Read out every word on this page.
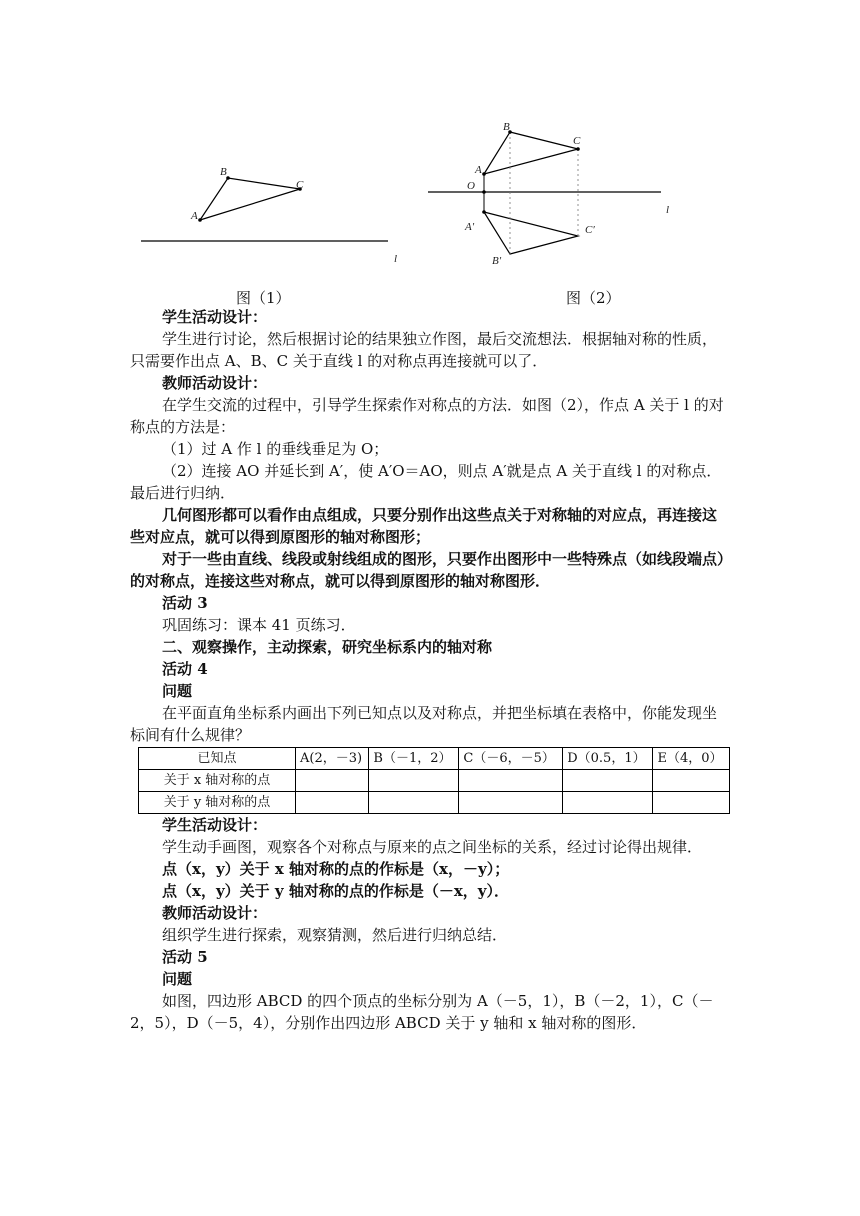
A
B
C
l
A
B
C
O
A′
B′
C′
l
图（1）	图（2）

学生活动设计：

学生进行讨论，然后根据讨论的结果独立作图，最后交流想法．根据轴对称的性质，只需要作出点 A、B、C 关于直线 l 的对称点再连接就可以了．

教师活动设计：

在学生交流的过程中，引导学生探索作对称点的方法．如图（2），作点 A 关于 l 的对称点的方法是：

（1）过 A 作 l 的垂线垂足为 O；

（2）连接 AO 并延长到 A′，使 A′O＝AO，则点 A′就是点 A 关于直线 l 的对称点．最后进行归纳．

几何图形都可以看作由点组成，只要分别作出这些点关于对称轴的对应点，再连接这些对应点，就可以得到原图形的轴对称图形；

对于一些由直线、线段或射线组成的图形，只要作出图形中一些特殊点（如线段端点）的对称点，连接这些对称点，就可以得到原图形的轴对称图形．

活动 3

巩固练习：课本 41 页练习．

二、观察操作，主动探索，研究坐标系内的轴对称

活动 4

问题

在平面直角坐标系内画出下列已知点以及对称点，并把坐标填在表格中，你能发现坐标间有什么规律？

已知点	A(2，－3)	B（－1，2）	C（－6，－5）	D（0.5，1）	E（4，0）
关于 x 轴对称的点					
关于 y 轴对称的点					

学生活动设计：

学生动手画图，观察各个对称点与原来的点之间坐标的关系，经过讨论得出规律．

点（x，y）关于 x 轴对称的点的作标是（x，－y）；

点（x，y）关于 y 轴对称的点的作标是（－x，y）．

教师活动设计：

组织学生进行探索，观察猜测，然后进行归纳总结．

活动 5

问题

如图，四边形 ABCD 的四个顶点的坐标分别为 A（－5，1），B（－2，1），C（－2，5），D（－5，4），分别作出四边形 ABCD 关于 y 轴和 x 轴对称的图形．
